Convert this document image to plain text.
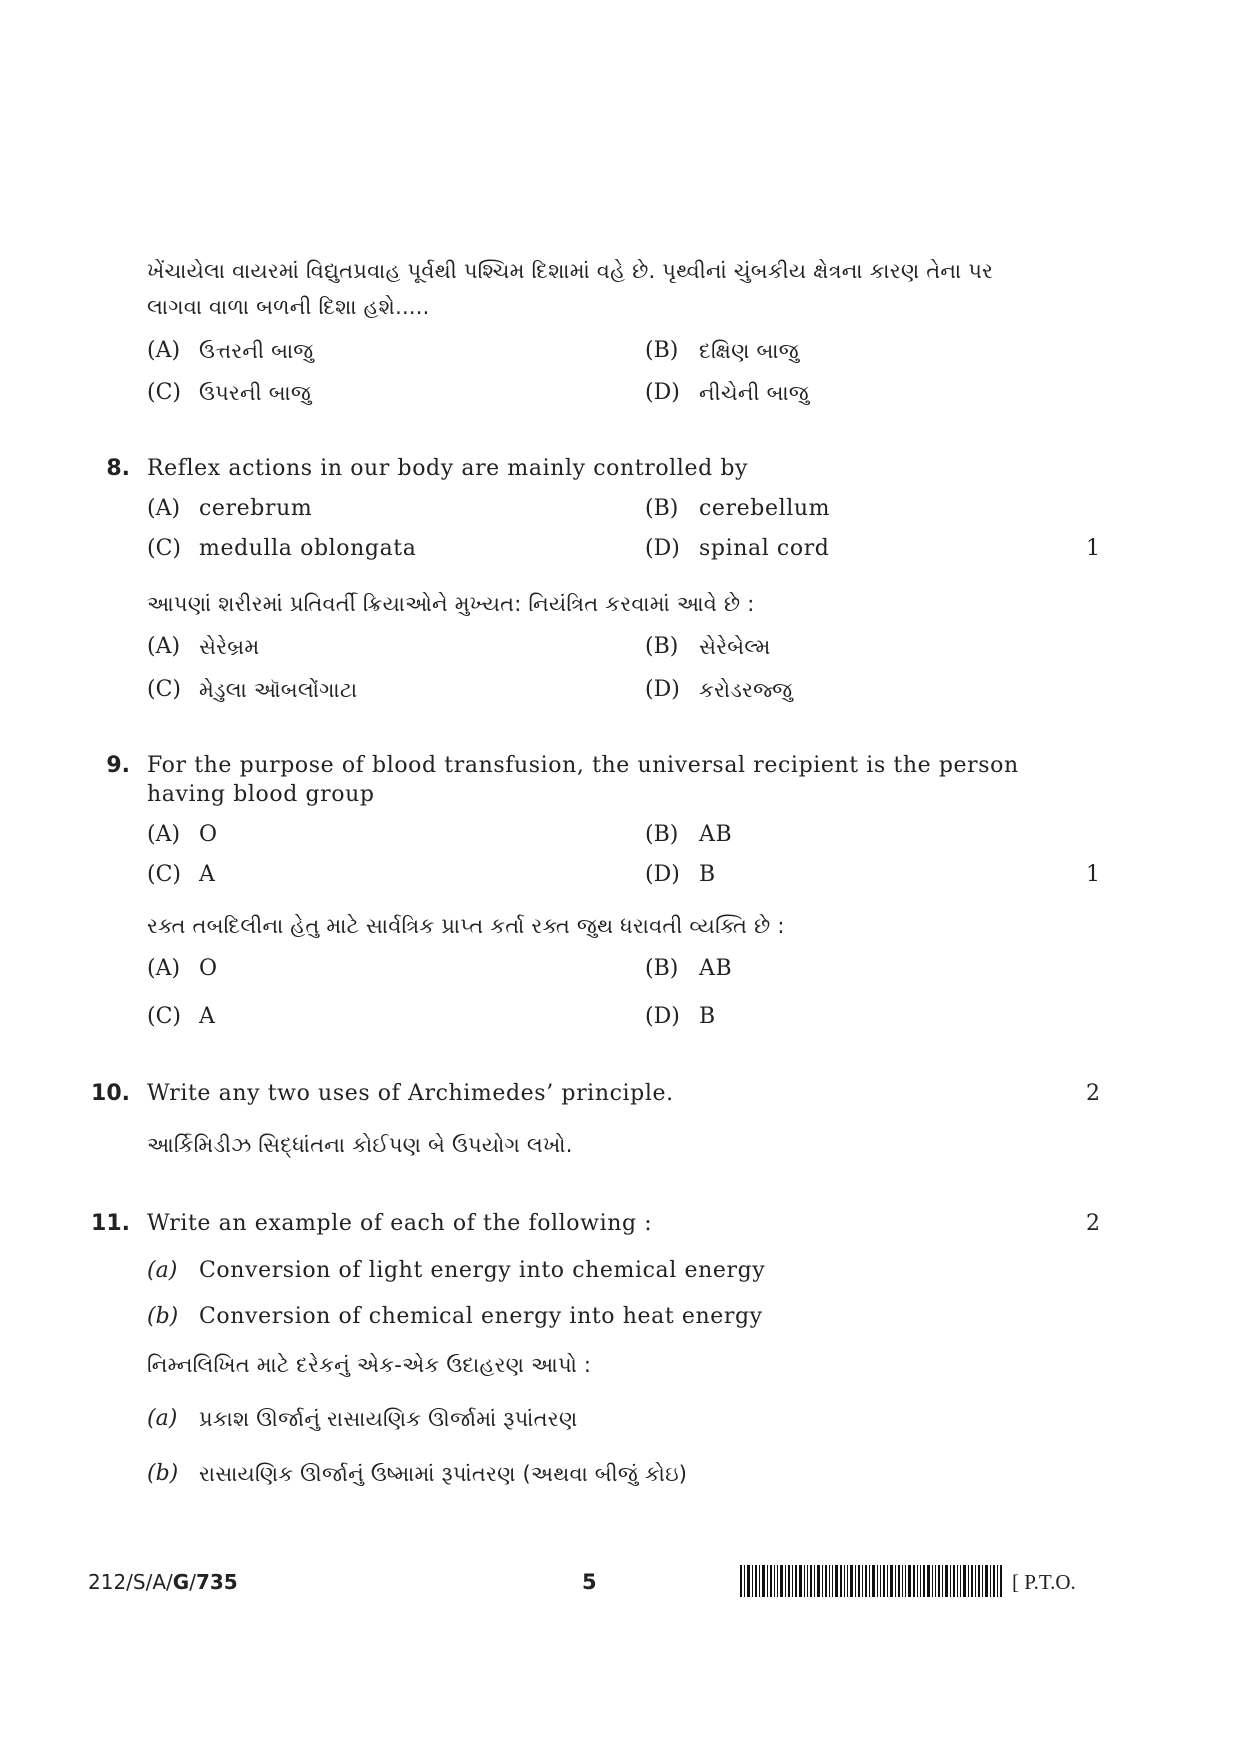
ખેંચાયેલા વાયરમાં વિદ્યુતપ્રવાહ પૂર્વથી પશ્ચિમ દિશામાં વહે છે. પૃથ્વીનાં ચુંબકીય ક્ષેત્રના કારણ તેના પર
લાગવા વાળા બળની દિશા હશે.....
(A) ઉત્તરની બાજુ	(B) દક્ષિણ બાજુ
(C) ઉપરની બાજુ	(D) નીચેની બાજુ
8. Reflex actions in our body are mainly controlled by
(A) cerebrum	(B) cerebellum
(C) medulla oblongata	(D) spinal cord	1
આપણાં શરીરમાં પ્રતિવર્તી ક્રિયાઓને મુખ્યત: નિયંત્રિત કરવામાં આવે છે :
(A) સેરેબ્રમ	(B) સેરેબેલ્મ
(C) મેડુલા ઑબલોંગાટા	(D) કરોડરજ્જુ
9. For the purpose of blood transfusion, the universal recipient is the person
having blood group
(A) O	(B) AB
(C) A	(D) B	1
રક્ત તબદિલીના હેતુ માટે સાર્વત્રિક પ્રાપ્ત કર્તા રક્ત જુથ ધરાવતી વ્યક્તિ છે :
(A) O	(B) AB
(C) A	(D) B
10. Write any two uses of Archimedes’ principle.	2
આર્કિમિડીઝ સિદ્ધાંતના કોઈપણ બે ઉપયોગ લખો.
11. Write an example of each of the following :	2
(a) Conversion of light energy into chemical energy
(b) Conversion of chemical energy into heat energy
નિમ્નલિખિત માટે દરેકનું એક-એક ઉદાહરણ આપો :
(a) પ્રકાશ ઊર્જાનું રાસાયણિક ઊર્જામાં રૂપાંતરણ
(b) રાસાયણિક ઊર્જાનું ઉષ્મામાં રૂપાંતરણ (અથવા બીજું કોઇ)
212/S/A/G/735	5	[ P.T.O.
